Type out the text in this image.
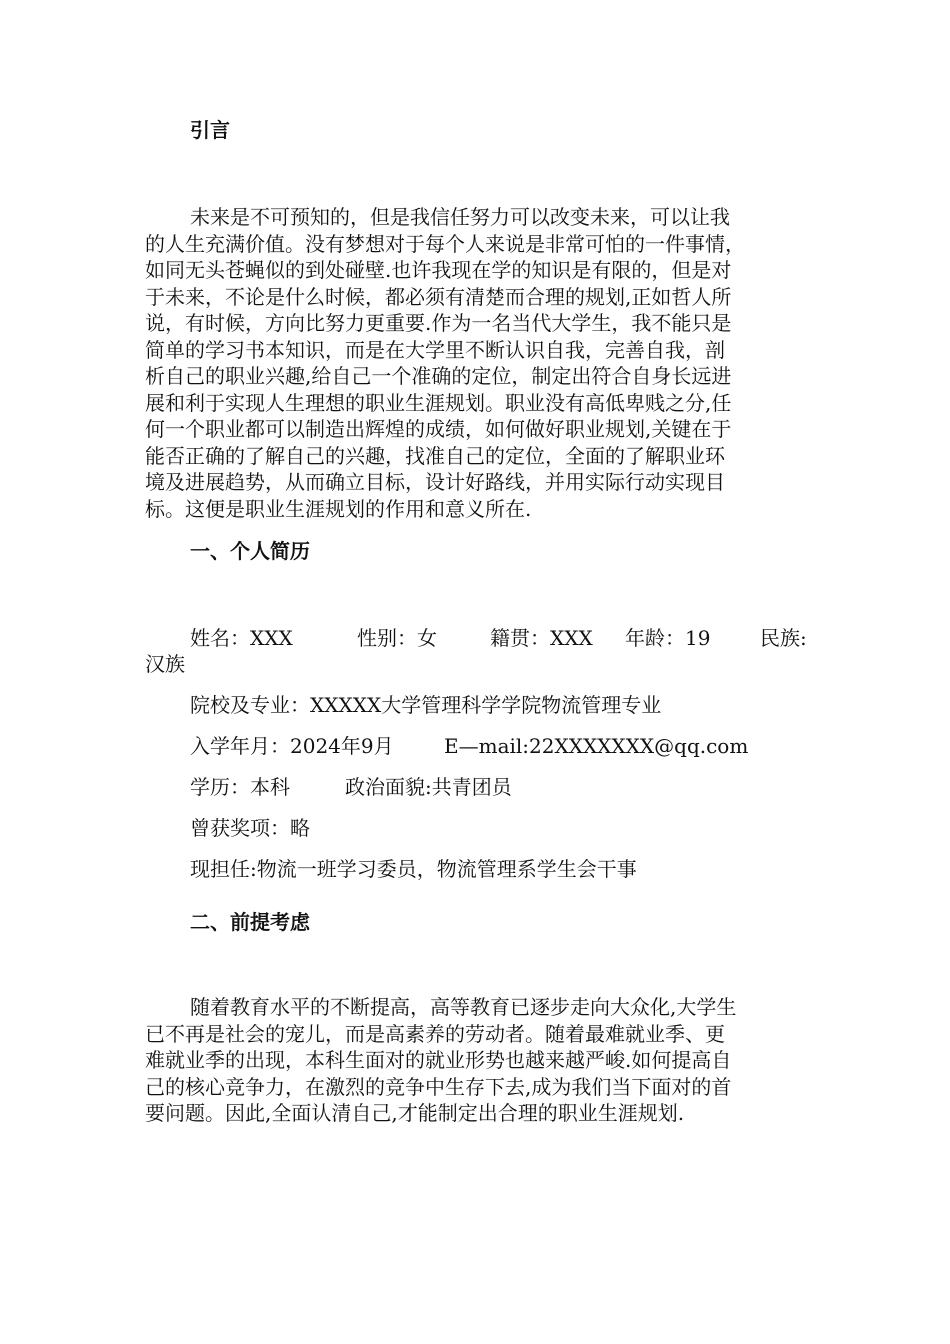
引言
未来是不可预知的，但是我信任努力可以改变未来，可以让我
的人生充满价值。没有梦想对于每个人来说是非常可怕的一件事情，
如同无头苍蝇似的到处碰壁.也许我现在学的知识是有限的，但是对
于未来，不论是什么时候，都必须有清楚而合理的规划,正如哲人所
说，有时候，方向比努力更重要.作为一名当代大学生，我不能只是
简单的学习书本知识，而是在大学里不断认识自我，完善自我，剖
析自己的职业兴趣,给自己一个准确的定位，制定出符合自身长远进
展和利于实现人生理想的职业生涯规划。职业没有高低卑贱之分,任
何一个职业都可以制造出辉煌的成绩，如何做好职业规划,关键在于
能否正确的了解自己的兴趣，找准自己的定位，全面的了解职业环
境及进展趋势，从而确立目标，设计好路线，并用实际行动实现目
标。这便是职业生涯规划的作用和意义所在.
一、个人简历
姓名：XXX	性别：女	籍贯：XXX 年龄：19 民族:
汉族
院校及专业：XXXXX大学管理科学学院物流管理专业
入学年月：2024年9月	E—mail:22XXXXXXX@qq.com
学历：本科	政治面貌:共青团员
曾获奖项：略
现担任:物流一班学习委员，物流管理系学生会干事
二、前提考虑
随着教育水平的不断提高，高等教育已逐步走向大众化,大学生
已不再是社会的宠儿，而是高素养的劳动者。随着最难就业季、更
难就业季的出现，本科生面对的就业形势也越来越严峻.如何提高自
己的核心竞争力，在激烈的竞争中生存下去,成为我们当下面对的首
要问题。因此,全面认清自己,才能制定出合理的职业生涯规划.
